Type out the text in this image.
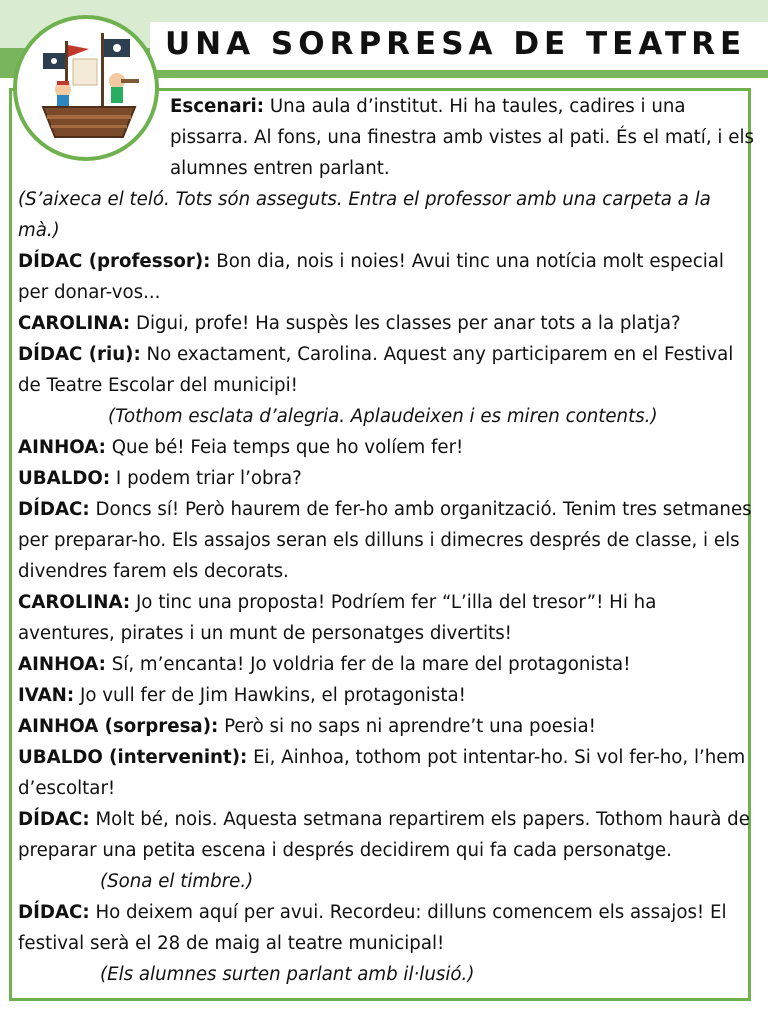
UNA SORPRESA DE TEATRE

Escenari: Una aula d’institut. Hi ha taules, cadires i una pissarra. Al fons, una finestra amb vistes al pati. És el matí, i els alumnes entren parlant.

(S’aixeca el teló. Tots són asseguts. Entra el professor amb una carpeta a la mà.)

DÍDAC (professor): Bon dia, nois i noies! Avui tinc una notícia molt especial per donar-vos...

CAROLINA: Digui, profe! Ha suspès les classes per anar tots a la platja?

DÍDAC (riu): No exactament, Carolina. Aquest any participarem en el Festival de Teatre Escolar del municipi!

(Tothom esclata d’alegria. Aplaudeixen i es miren contents.)

AINHOA: Que bé! Feia temps que ho volíem fer!

UBALDO: I podem triar l’obra?

DÍDAC: Doncs sí! Però haurem de fer-ho amb organització. Tenim tres setmanes per preparar-ho. Els assajos seran els dilluns i dimecres després de classe, i els divendres farem els decorats.

CAROLINA: Jo tinc una proposta! Podríem fer “L’illa del tresor”! Hi ha aventures, pirates i un munt de personatges divertits!

AINHOA: Sí, m’encanta! Jo voldria fer de la mare del protagonista!

IVAN: Jo vull fer de Jim Hawkins, el protagonista!

AINHOA (sorpresa): Però si no saps ni aprendre’t una poesia!

UBALDO (intervenint): Ei, Ainhoa, tothom pot intentar-ho. Si vol fer-ho, l’hem d’escoltar!

DÍDAC: Molt bé, nois. Aquesta setmana repartirem els papers. Tothom haurà de preparar una petita escena i després decidirem qui fa cada personatge.

(Sona el timbre.)

DÍDAC: Ho deixem aquí per avui. Recordeu: dilluns comencem els assajos! El festival serà el 28 de maig al teatre municipal!

(Els alumnes surten parlant amb il·lusió.)
